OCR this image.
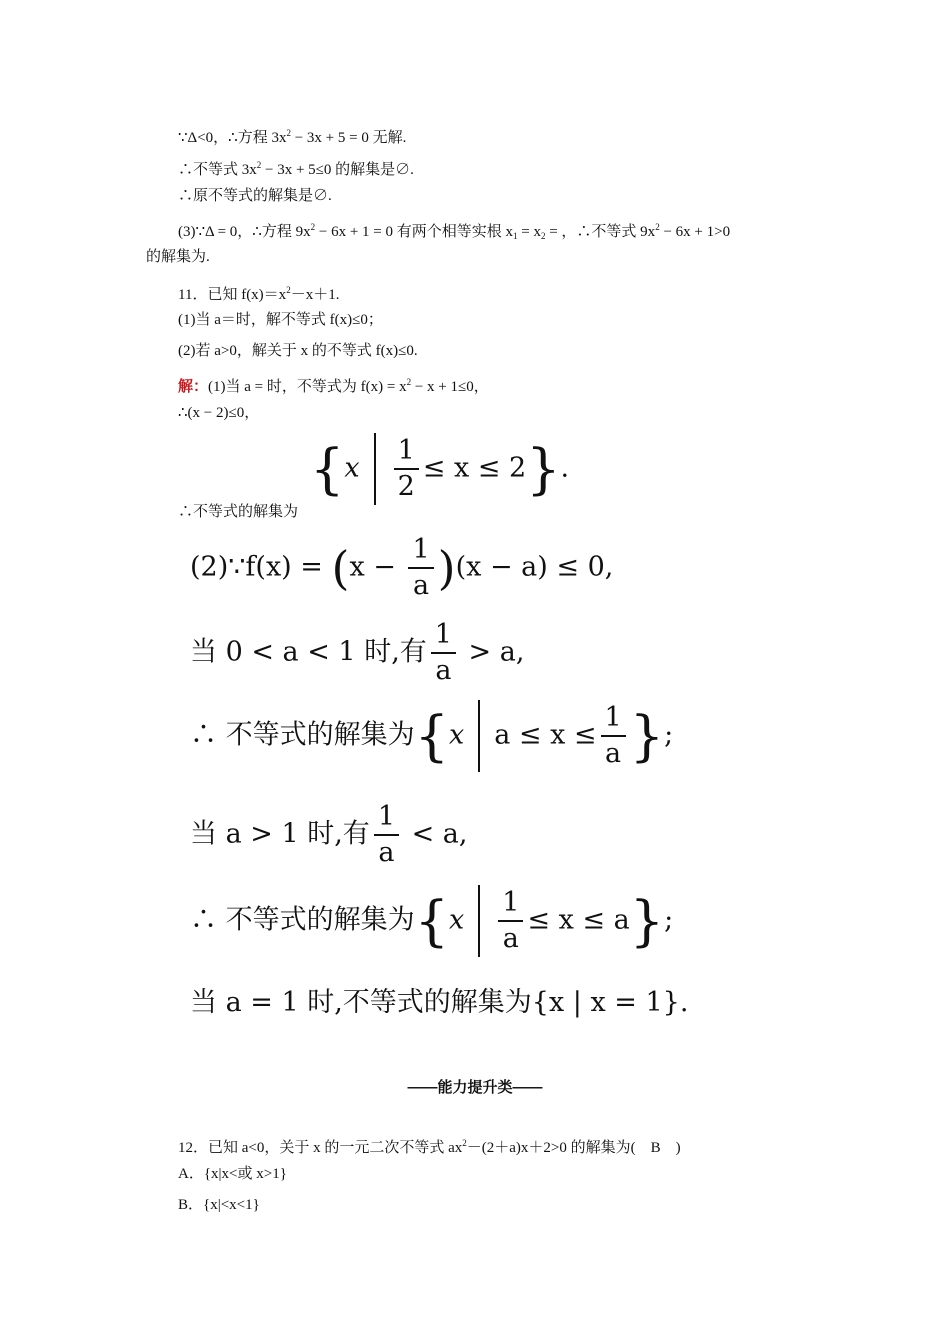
∵Δ<0，∴方程 $3x^2 - 3x + 5 = 0$ 无解.
∴不等式 $3x^2 - 3x + 5\le 0$ 的解集是∅.
∴原不等式的解集是∅.
(3)∵Δ = 0，∴方程 $9x^2 - 6x + 1 = 0$ 有两个相等实根 $x_1 = x_2$ = ，∴不等式 $9x^2 - 6x + 1>0$
的解集为.
11．已知 $f(x)=x^2-x+1$.
(1)当 a＝时，解不等式 f(x)≤0；
(2)若 a>0，解关于 x 的不等式 f(x)≤0.
解：(1)当 a = 时，不等式为 $f(x) = x^2 - x + 1\le 0$，
∴(x − 2)≤0，
∴不等式的解集为
$\{x \frac{1}{2} \le x \le 2\}$.
(2)∵f(x) = $(x - \frac{1}{a} )(x - a) \le 0$,
当 0 < a < 1 时,有 $\frac{1}{a} > a$,
∴ 不等式的解集为{x $a \le x \le \frac{1}{a}$ };
当 a > 1 时,有 $\frac{1}{a} < a$,
∴ 不等式的解集为$\{x \frac{1}{a} \le x \le a\}$;
当 a = 1 时,不等式的解集为{x | x = 1}.
——能力提升类——
12．已知 a<0，关于 x 的一元二次不等式 $ax^2-(2+a)x+2>0$ 的解集为(　B　)
A．{x|x<或 x>1}
B．{x|<x<1}
